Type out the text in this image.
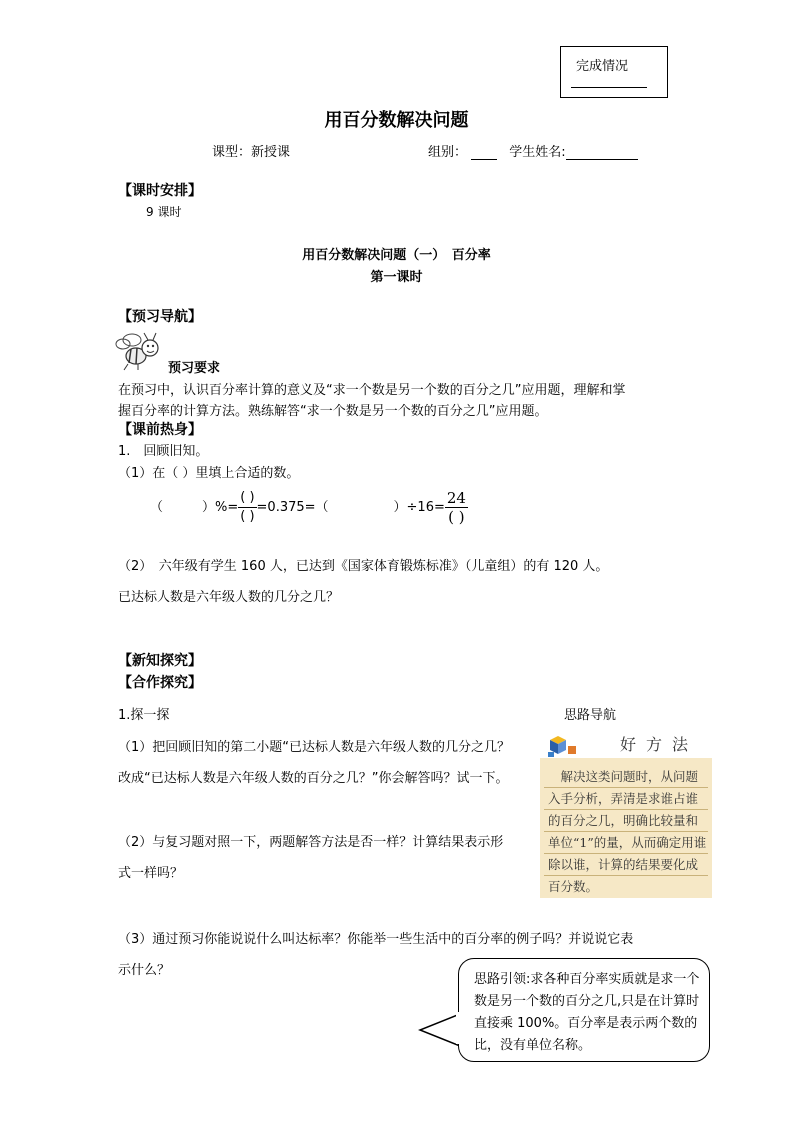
完成情况
用百分数解决问题
课型：新授课	组别：	学生姓名:
【课时安排】
9 课时
用百分数解决问题（一）　百分率
第一课时
【预习导航】
预习要求
在预习中，认识百分率计算的意义及“求一个数是另一个数的百分之几”应用题，理解和掌
握百分率的计算方法。熟练解答“求一个数是另一个数的百分之几”应用题。
【课前热身】
1.　回顾旧知。
（1）在（ ）里填上合适的数。
（　　　）%= $\frac{( )}{( )} =0.375=$（　　　　　）$\div 16= \frac{24}{( )}$
（2）　六年级有学生 160 人，已达到《国家体育锻炼标准》（儿童组）的有 120 人。
已达标人数是六年级人数的几分之几？
【新知探究】
【合作探究】
1.探一探
（1）把回顾旧知的第二小题“已达标人数是六年级人数的几分之几？
改成“已达标人数是六年级人数的百分之几？”你会解答吗？试一下。
（2）与复习题对照一下，两题解答方法是否一样？计算结果表示形
式一样吗？
（3）通过预习你能说说什么叫达标率？你能举一些生活中的百分率的例子吗？并说说它表
示什么？
思路导航
好方法
　解决这类问题时，从问题入手分析，弄清是求谁占谁的百分之几，明确比较量和单位“1”的量，从而确定用谁除以谁，计算的结果要化成百分数。
思路引领:求各种百分率实质就是求一个数是另一个数的百分之几,只是在计算时直接乘 100%。百分率是表示两个数的比，没有单位名称。
